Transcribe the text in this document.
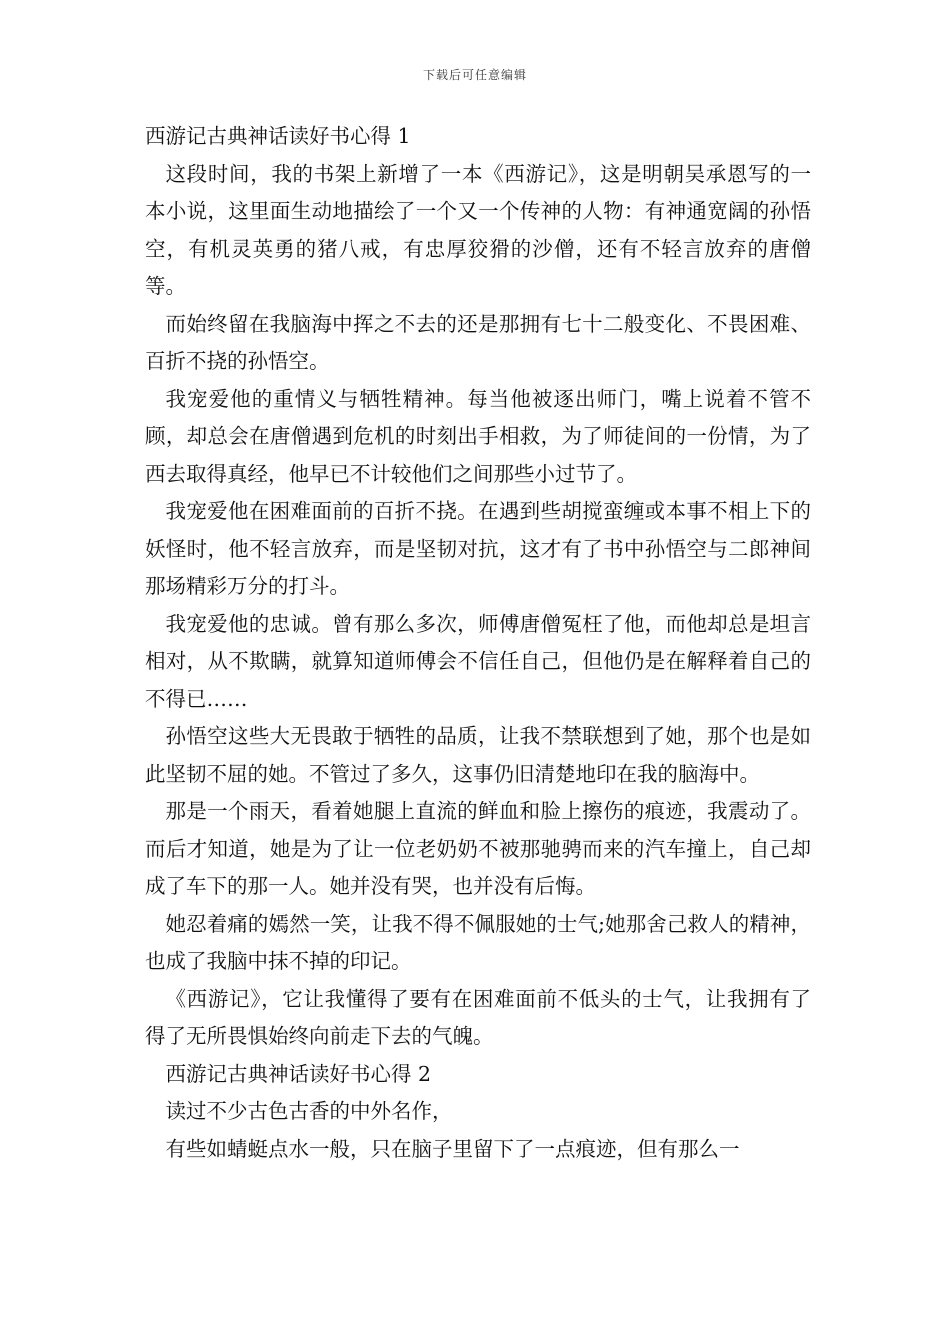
下载后可任意编辑

西游记古典神话读好书心得 1

这段时间，我的书架上新增了一本《西游记》，这是明朝吴承恩写的一本小说，这里面生动地描绘了一个又一个传神的人物：有神通宽阔的孙悟空，有机灵英勇的猪八戒，有忠厚狡猾的沙僧，还有不轻言放弃的唐僧等。

而始终留在我脑海中挥之不去的还是那拥有七十二般变化、不畏困难、百折不挠的孙悟空。

我宠爱他的重情义与牺牲精神。每当他被逐出师门，嘴上说着不管不顾，却总会在唐僧遇到危机的时刻出手相救，为了师徒间的一份情，为了西去取得真经，他早已不计较他们之间那些小过节了。

我宠爱他在困难面前的百折不挠。在遇到些胡搅蛮缠或本事不相上下的妖怪时，他不轻言放弃，而是坚韧对抗，这才有了书中孙悟空与二郎神间那场精彩万分的打斗。

我宠爱他的忠诚。曾有那么多次，师傅唐僧冤枉了他，而他却总是坦言相对，从不欺瞒，就算知道师傅会不信任自己，但他仍是在解释着自己的不得已……

孙悟空这些大无畏敢于牺牲的品质，让我不禁联想到了她，那个也是如此坚韧不屈的她。不管过了多久，这事仍旧清楚地印在我的脑海中。

那是一个雨天，看着她腿上直流的鲜血和脸上擦伤的痕迹，我震动了。而后才知道，她是为了让一位老奶奶不被那驰骋而来的汽车撞上，自己却成了车下的那一人。她并没有哭，也并没有后悔。

她忍着痛的嫣然一笑，让我不得不佩服她的士气;她那舍己救人的精神，也成了我脑中抹不掉的印记。

《西游记》，它让我懂得了要有在困难面前不低头的士气，让我拥有了得了无所畏惧始终向前走下去的气魄。

西游记古典神话读好书心得 2

读过不少古色古香的中外名作，

有些如蜻蜓点水一般，只在脑子里留下了一点痕迹，但有那么一
